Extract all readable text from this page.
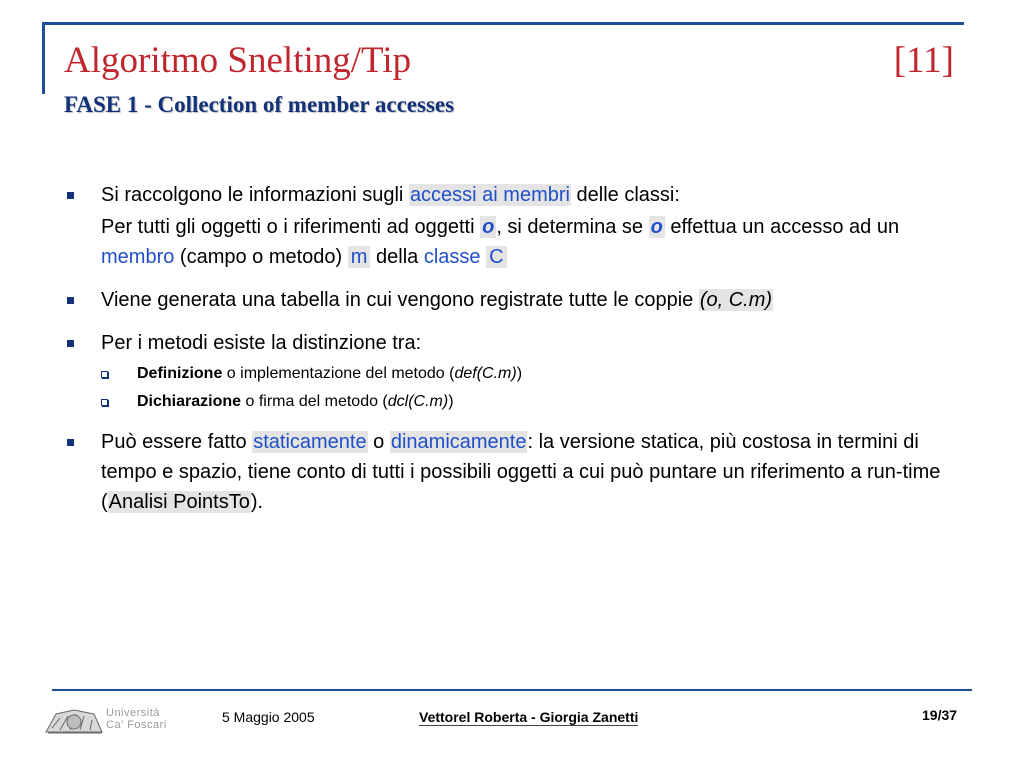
Algoritmo Snelting/Tip	[11]
FASE 1 - Collection of member accesses

Si raccolgono le informazioni sugli accessi ai membri delle classi:

Per tutti gli oggetti o i riferimenti ad oggetti o , si determina se o effettua un accesso ad un membro (campo o metodo) m della classe C

Viene generata una tabella in cui vengono registrate tutte le coppie (o, C.m)

Per i metodi esiste la distinzione tra:

Definizione o implementazione del metodo (def(C.m))
Dichiarazione o firma del metodo (dcl(C.m))

Può essere fatto staticamente o dinamicamente: la versione statica, più costosa in termini di tempo e spazio, tiene conto di tutti i possibili oggetti a cui può puntare un riferimento a run-time (Analisi PointsTo).

Università
Ca' Foscari	5 Maggio 2005	Vettorel Roberta - Giorgia Zanetti	19/37
